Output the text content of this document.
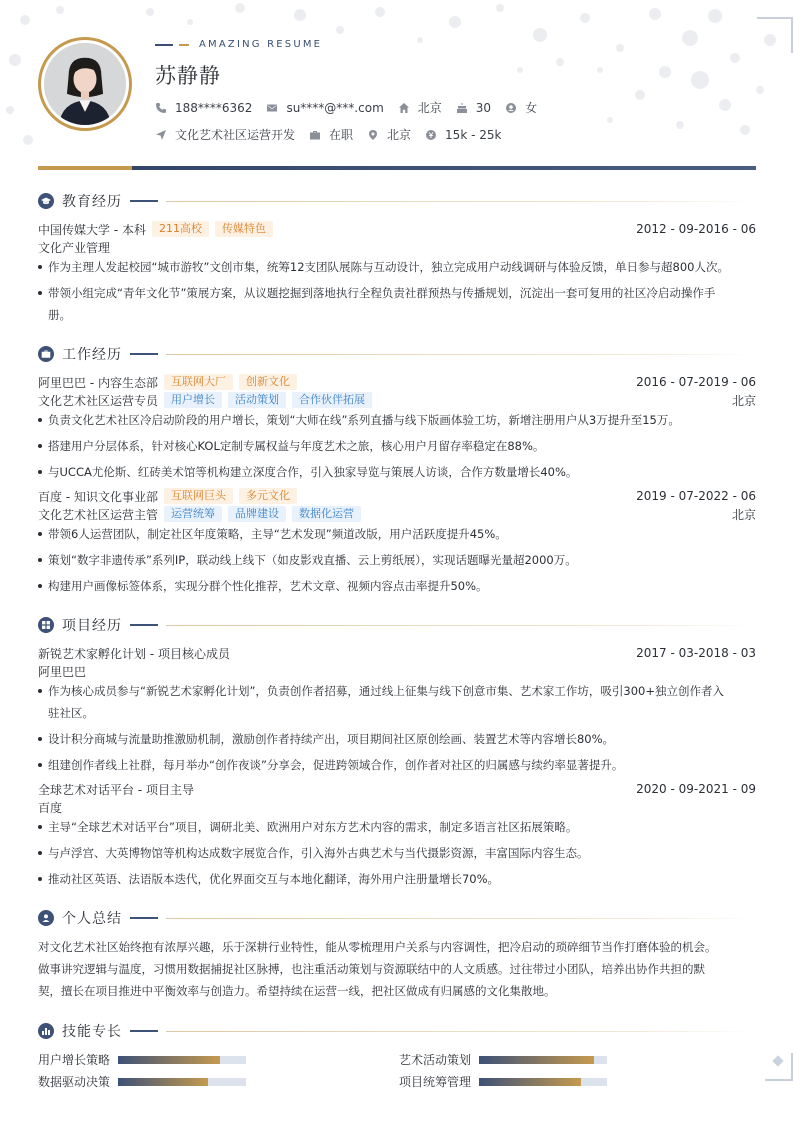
AMAZING RESUME
苏静静
188****6362	su****@***.com	北京	30	女
文化艺术社区运营开发	在职	北京	15k - 25k
教育经历
中国传媒大学 - 本科	211高校	传媒特色	2012 - 09-2016 - 06
文化产业管理
作为主理人发起校园“城市游牧”文创市集，统筹12支团队展陈与互动设计，独立完成用户动线调研与体验反馈，单日参与超800人次。
带领小组完成“青年文化节”策展方案，从议题挖掘到落地执行全程负责社群预热与传播规划，沉淀出一套可复用的社区冷启动操作手
册。
工作经历
阿里巴巴 - 内容生态部	互联网大厂	创新文化	2016 - 07-2019 - 06
文化艺术社区运营专员	用户增长	活动策划	合作伙伴拓展	北京
负责文化艺术社区冷启动阶段的用户增长，策划“大师在线”系列直播与线下版画体验工坊，新增注册用户从3万提升至15万。
搭建用户分层体系，针对核心KOL定制专属权益与年度艺术之旅，核心用户月留存率稳定在88%。
与UCCA尤伦斯、红砖美术馆等机构建立深度合作，引入独家导览与策展人访谈，合作方数量增长40%。
百度 - 知识文化事业部	互联网巨头	多元文化	2019 - 07-2022 - 06
文化艺术社区运营主管	运营统筹	品牌建设	数据化运营	北京
带领6人运营团队，制定社区年度策略，主导“艺术发现”频道改版，用户活跃度提升45%。
策划“数字非遗传承”系列IP，联动线上线下（如皮影戏直播、云上剪纸展），实现话题曝光量超2000万。
构建用户画像标签体系，实现分群个性化推荐，艺术文章、视频内容点击率提升50%。
项目经历
新锐艺术家孵化计划 - 项目核心成员	2017 - 03-2018 - 03
阿里巴巴
作为核心成员参与“新锐艺术家孵化计划”，负责创作者招募，通过线上征集与线下创意市集、艺术家工作坊，吸引300+独立创作者入
驻社区。
设计积分商城与流量助推激励机制，激励创作者持续产出，项目期间社区原创绘画、装置艺术等内容增长80%。
组建创作者线上社群，每月举办“创作夜谈”分享会，促进跨领域合作，创作者对社区的归属感与续约率显著提升。
全球艺术对话平台 - 项目主导	2020 - 09-2021 - 09
百度
主导“全球艺术对话平台”项目，调研北美、欧洲用户对东方艺术内容的需求，制定多语言社区拓展策略。
与卢浮宫、大英博物馆等机构达成数字展览合作，引入海外古典艺术与当代摄影资源，丰富国际内容生态。
推动社区英语、法语版本迭代，优化界面交互与本地化翻译，海外用户注册量增长70%。
个人总结
对文化艺术社区始终抱有浓厚兴趣，乐于深耕行业特性，能从零梳理用户关系与内容调性，把冷启动的琐碎细节当作打磨体验的机会。
做事讲究逻辑与温度，习惯用数据捕捉社区脉搏，也注重活动策划与资源联结中的人文质感。过往带过小团队，培养出协作共担的默
契，擅长在项目推进中平衡效率与创造力。希望持续在运营一线，把社区做成有归属感的文化集散地。
技能专长
用户增长策略	艺术活动策划
数据驱动决策	项目统筹管理
